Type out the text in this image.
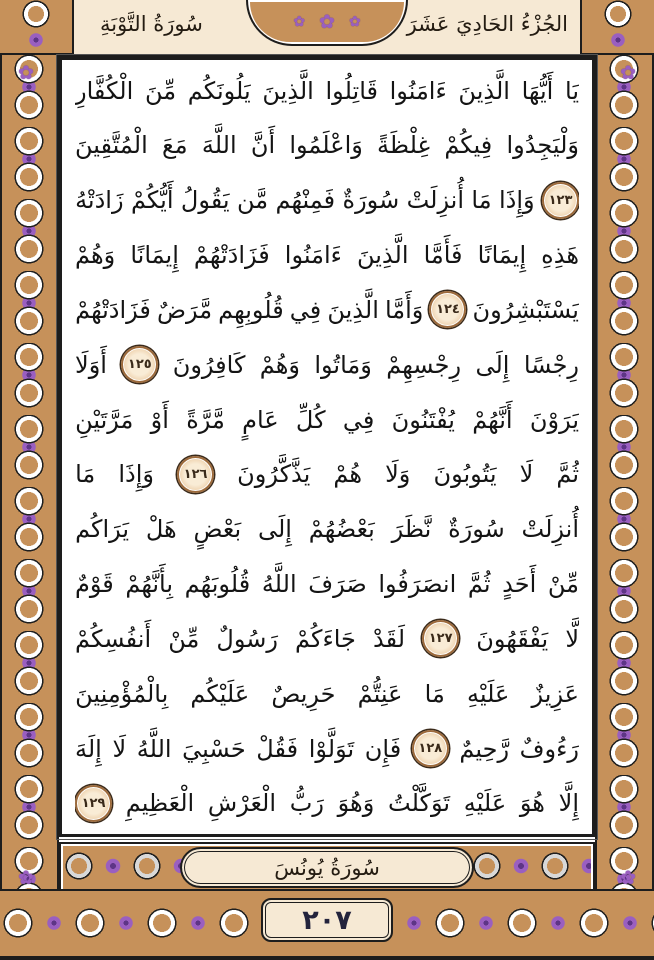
سُورَةُ التَّوْبَةِ	الجُزْءُ الحَادِيَ عَشَرَ
✿
✿
✿
✿	✿
✿	✿
يَا
أَيُّهَا
الَّذِينَ
ءَامَنُوا
قَاتِلُوا
الَّذِينَ
يَلُونَكُم
مِّنَ
الْكُفَّارِ
وَلْيَجِدُوا
فِيكُمْ
غِلْظَةً
وَاعْلَمُوا
أَنَّ
اللَّهَ
مَعَ
الْمُتَّقِينَ
١٢٣
وَإِذَا
مَا
أُنزِلَتْ
سُورَةٌ
فَمِنْهُم
مَّن
يَقُولُ
أَيُّكُمْ
زَادَتْهُ
هَذِهِ
إِيمَانًا
فَأَمَّا
الَّذِينَ
ءَامَنُوا
فَزَادَتْهُمْ
إِيمَانًا
وَهُمْ
يَسْتَبْشِرُونَ
١٢٤
وَأَمَّا
الَّذِينَ
فِي
قُلُوبِهِم
مَّرَضٌ
فَزَادَتْهُمْ
رِجْسًا
إِلَى
رِجْسِهِمْ
وَمَاتُوا
وَهُمْ
كَافِرُونَ
١٢٥
أَوَلَا
يَرَوْنَ
أَنَّهُمْ
يُفْتَنُونَ
فِي
كُلِّ
عَامٍ
مَّرَّةً
أَوْ
مَرَّتَيْنِ
ثُمَّ
لَا
يَتُوبُونَ
وَلَا
هُمْ
يَذَّكَّرُونَ
١٢٦
وَإِذَا
مَا
أُنزِلَتْ
سُورَةٌ
نَّظَرَ
بَعْضُهُمْ
إِلَى
بَعْضٍ
هَلْ
يَرَاكُم
مِّنْ
أَحَدٍ
ثُمَّ
انصَرَفُوا
صَرَفَ
اللَّهُ
قُلُوبَهُم
بِأَنَّهُمْ
قَوْمٌ
لَّا
يَفْقَهُونَ
١٢٧
لَقَدْ
جَاءَكُمْ
رَسُولٌ
مِّنْ
أَنفُسِكُمْ
عَزِيزٌ
عَلَيْهِ
مَا
عَنِتُّمْ
حَرِيصٌ
عَلَيْكُم
بِالْمُؤْمِنِينَ
رَءُوفٌ
رَّحِيمٌ
١٢٨
فَإِن
تَوَلَّوْا
فَقُلْ
حَسْبِيَ
اللَّهُ
لَا
إِلَهَ
إِلَّا
هُوَ
عَلَيْهِ
تَوَكَّلْتُ
وَهُوَ
رَبُّ
الْعَرْشِ
الْعَظِيمِ
١٢٩
سُورَةُ يُونُسَ
٢٠٧
